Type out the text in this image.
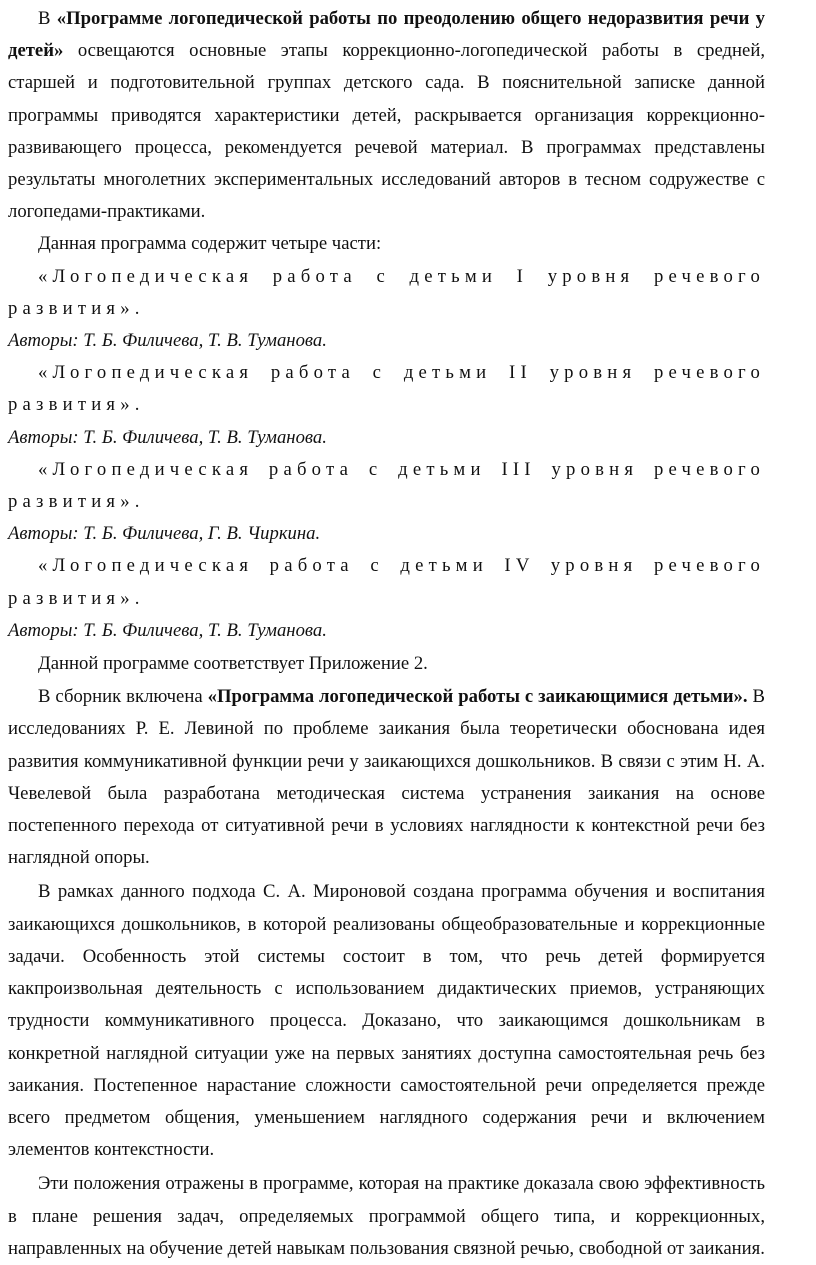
В «Программе логопедической работы по преодолению общего недоразвития речи у детей» освещаются основные этапы коррекционно-логопедической работы в средней, старшей и подготовительной группах детского сада. В пояснительной записке данной программы приводятся характеристики детей, раскрывается организация коррекционно-развивающего процесса, рекомендуется речевой материал. В программах представлены результаты многолетних экспериментальных исследований авторов в тесном содружестве с логопедами-практиками.

Данная программа содержит четыре части:

«Логопедическая работа с детьми I уровня речевого развития».

Авторы: Т. Б. Филичева, Т. В. Туманова.

«Логопедическая работа с детьми II уровня речевого развития».

Авторы: Т. Б. Филичева, Т. В. Туманова.

«Логопедическая работа с детьми III уровня речевого развития».

Авторы: Т. Б. Филичева, Г. В. Чиркина.

«Логопедическая работа с детьми IV уровня речевого развития».

Авторы: Т. Б. Филичева, Т. В. Туманова.

Данной программе соответствует Приложение 2.

В сборник включена «Программа логопедической работы с заикающимися детьми». В исследованиях Р. Е. Левиной по проблеме заикания была теоретически обоснована идея развития коммуникативной функции речи у заикающихся дошкольников. В связи с этим Н. А. Чевелевой была разработана методическая система устранения заикания на основе постепенного перехода от ситуативной речи в условиях наглядности к контекстной речи без наглядной опоры.

В рамках данного подхода С. А. Мироновой создана программа обучения и воспитания заикающихся дошкольников, в которой реализованы общеобразовательные и коррекционные задачи. Особенность этой системы состоит в том, что речь детей формируется какпроизвольная деятельность с использованием дидактических приемов, устраняющих трудности коммуникативного процесса. Доказано, что заикающимся дошкольникам в конкретной наглядной ситуации уже на первых занятиях доступна самостоятельная речь без заикания. Постепенное нарастание сложности самостоятельной речи определяется прежде всего предметом общения, уменьшением наглядного содержания речи и включением элементов контекстности.

Эти положения отражены в программе, которая на практике доказала свою эффективность в плане решения задач, определяемых программой общего типа, и коррекционных, направленных на обучение детей навыкам пользования связной речью, свободной от заикания.
